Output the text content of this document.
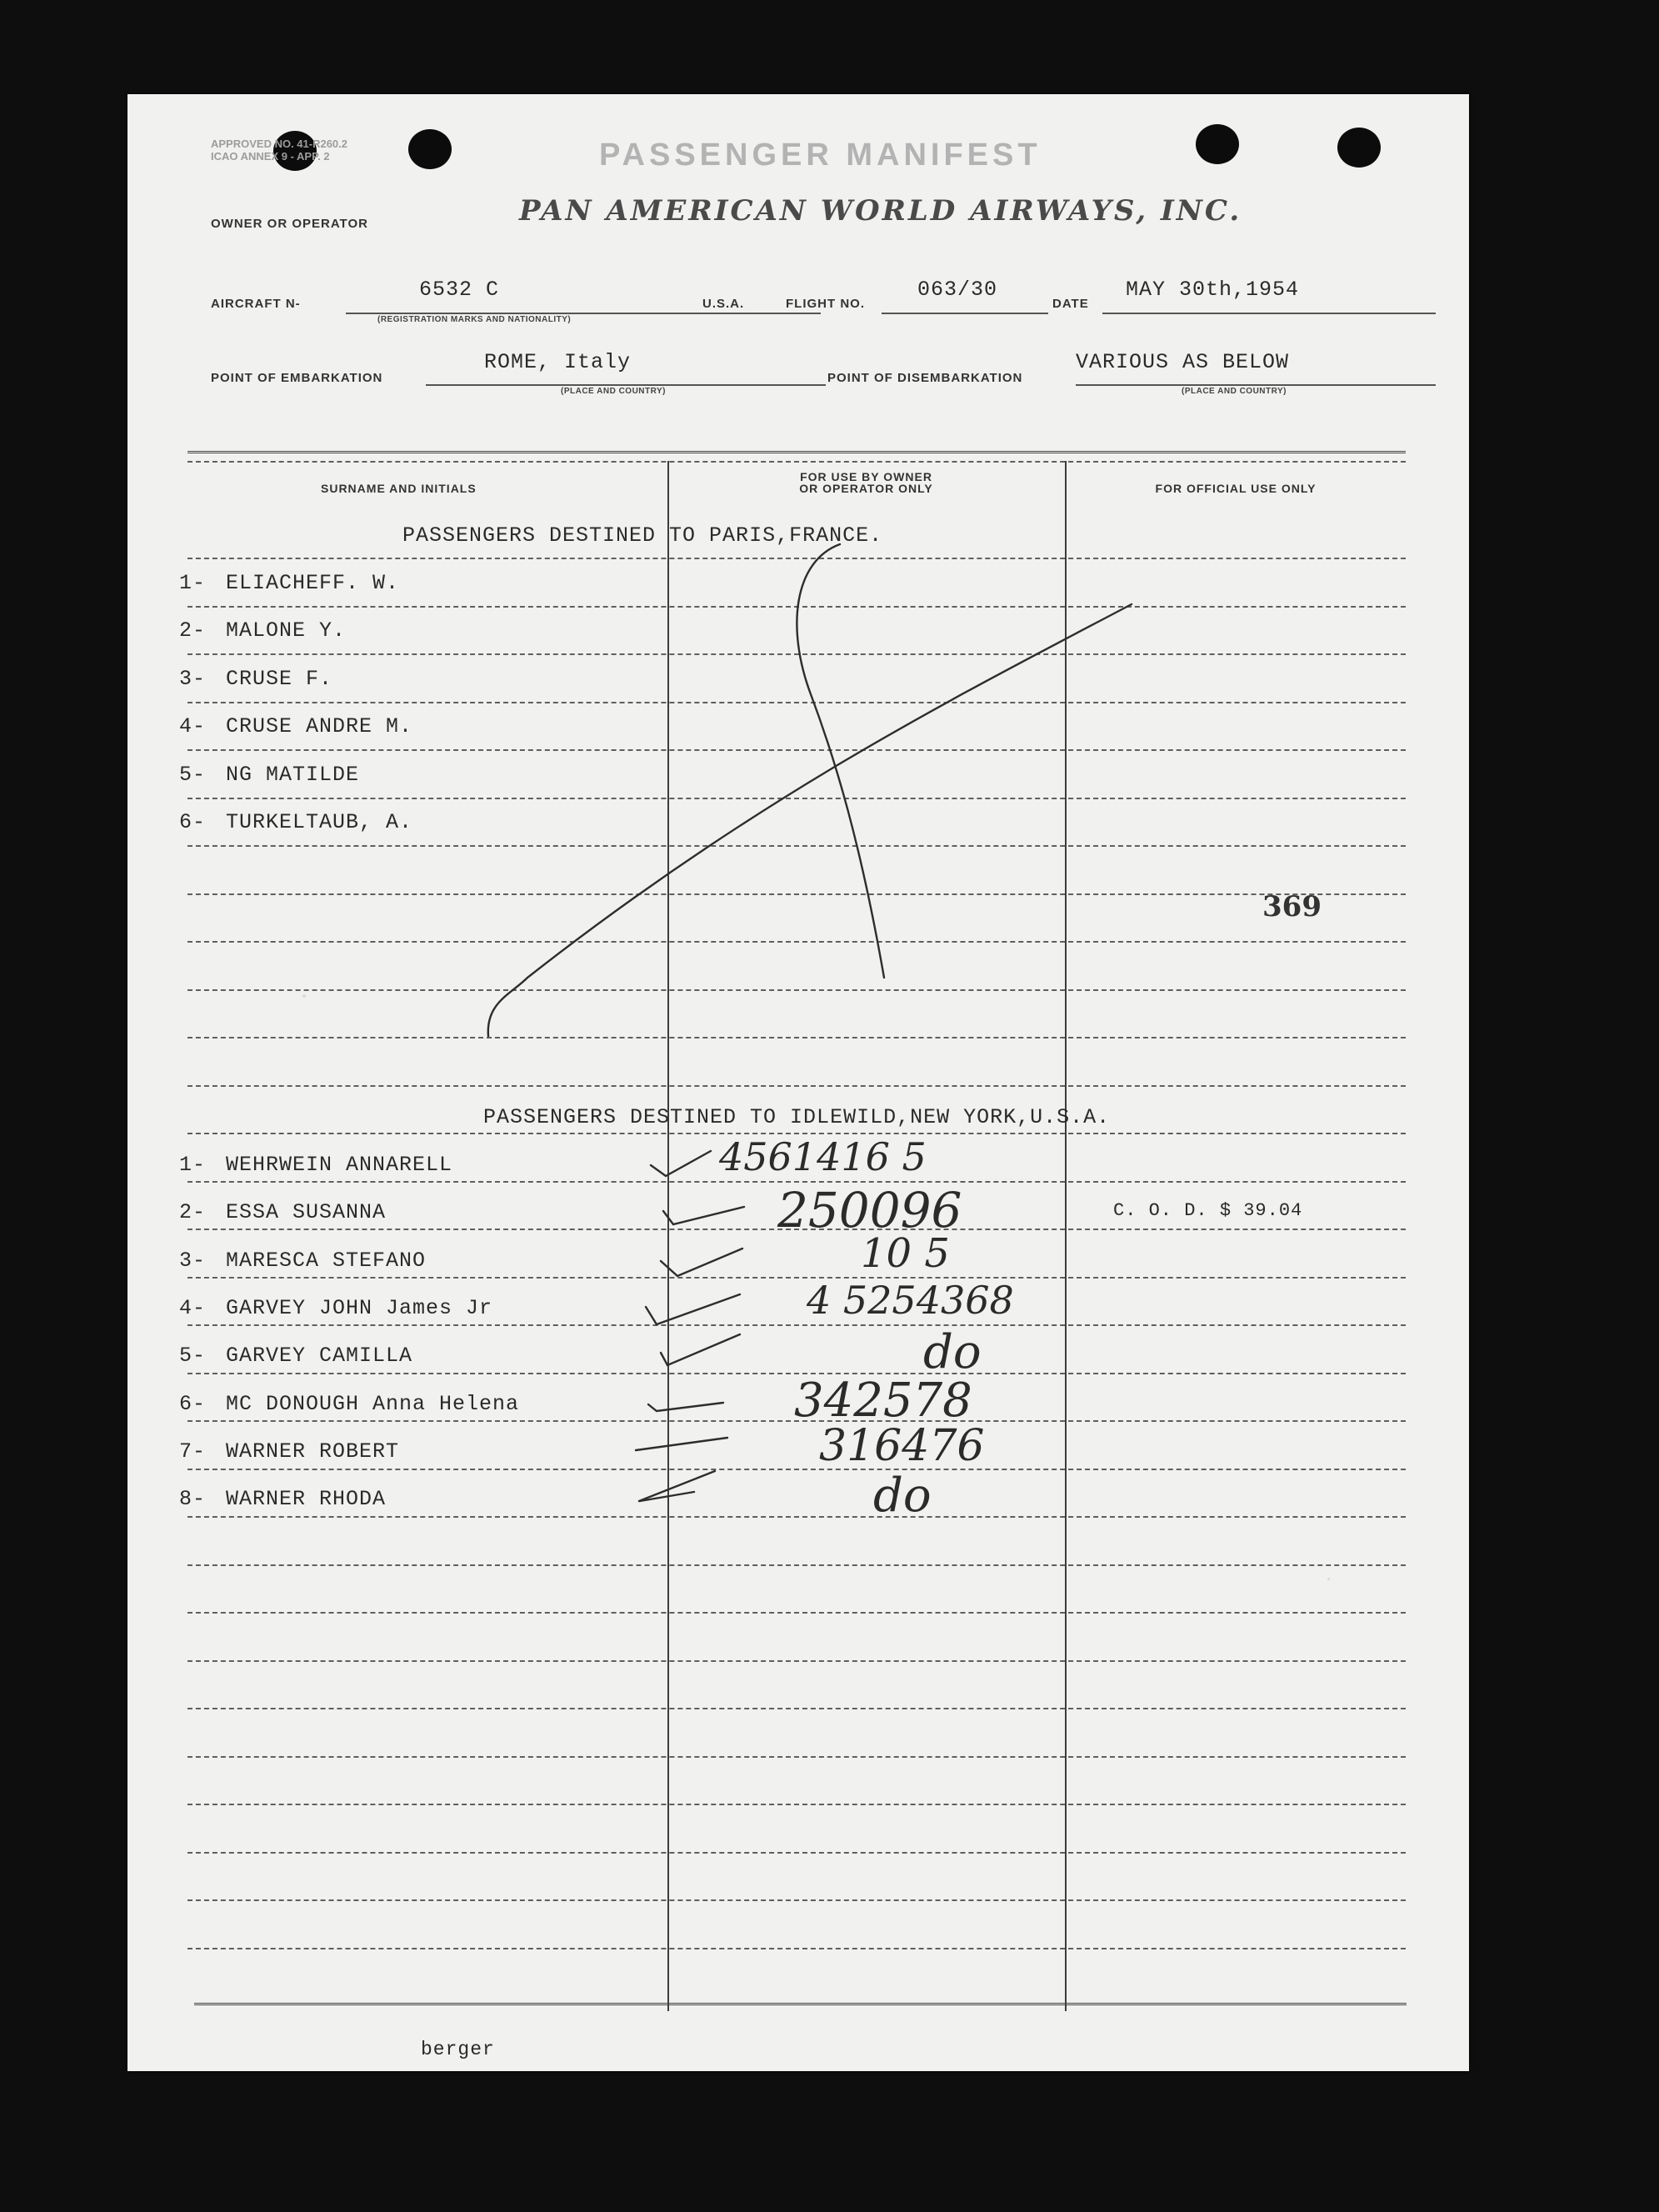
APPROVED NO. 41-R260.2
ICAO ANNEX 9 - APP. 2	PASSENGER MANIFEST
OWNER OR OPERATOR	PAN AMERICAN WORLD AIRWAYS, INC.
AIRCRAFT N-
6532 C
(REGISTRATION MARKS AND NATIONALITY)
U.S.A.	FLIGHT NO.
063/30
DATE
MAY 30th,1954
POINT OF EMBARKATION
ROME, Italy
(PLACE AND COUNTRY)
POINT OF DISEMBARKATION
VARIOUS AS BELOW
(PLACE AND COUNTRY)
SURNAME AND INITIALS
FOR USE BY OWNER
OR OPERATOR ONLY	FOR OFFICIAL USE ONLY
PASSENGERS DESTINED TO PARIS,FRANCE.
1- ELIACHEFF. W.
2- MALONE Y.
3- CRUSE F.
4- CRUSE ANDRE M.
5- NG MATILDE
6- TURKELTAUB, A.
369
PASSENGERS DESTINED TO IDLEWILD,NEW YORK,U.S.A.
1- WEHRWEIN ANNARELL	4561416 5
2- ESSA SUSANNA	250096	C. O. D. $ 39.04
3- MARESCA STEFANO	10 5
4- GARVEY JOHN James Jr	4 5254368
5- GARVEY CAMILLA	do
6- MC DONOUGH Anna Helena	342578
7- WARNER ROBERT	316476
8- WARNER RHODA	do
berger
